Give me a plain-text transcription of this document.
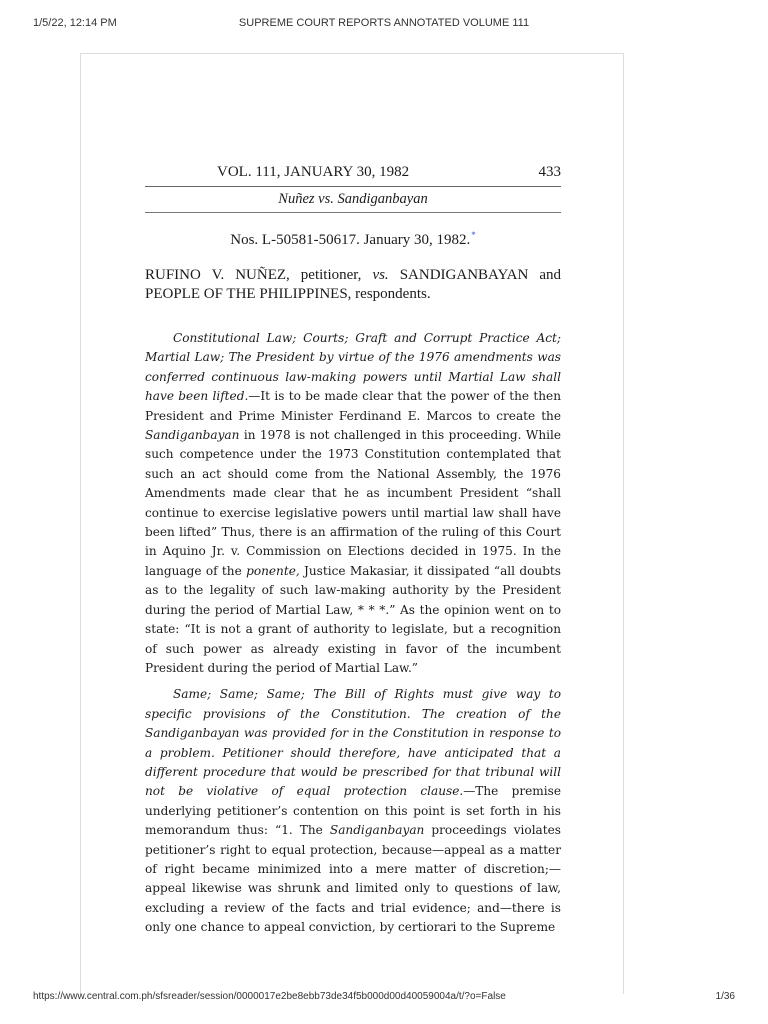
1/5/22, 12:14 PM	SUPREME COURT REPORTS ANNOTATED VOLUME 111
VOL. 111, JANUARY 30, 1982	433
Nuñez vs. Sandiganbayan
Nos. L-50581-50617. January 30, 1982.*
RUFINO V. NUÑEZ, petitioner, vs. SANDIGANBAYAN and PEOPLE OF THE PHILIPPINES, respondents.

Constitutional Law; Courts; Graft and Corrupt Practice Act; Martial Law; The President by virtue of the 1976 amendments was conferred continuous law-making powers until Martial Law shall have been lifted.—It is to be made clear that the power of the then President and Prime Minister Ferdinand E. Marcos to create the Sandiganbayan in 1978 is not challenged in this proceeding. While such competence under the 1973 Constitution contemplated that such an act should come from the National Assembly, the 1976 Amendments made clear that he as incumbent President “shall continue to exercise legislative powers until martial law shall have been lifted” Thus, there is an affirmation of the ruling of this Court in Aquino Jr. v. Commission on Elections decided in 1975. In the language of the ponente, Justice Makasiar, it dissipated “all doubts as to the legality of such law-making authority by the President during the period of Martial Law, * * *.” As the opinion went on to state: “It is not a grant of authority to legislate, but a recognition of such power as already existing in favor of the incumbent President during the period of Martial Law.”

Same; Same; Same; The Bill of Rights must give way to specific provisions of the Constitution. The creation of the Sandiganbayan was provided for in the Constitution in response to a problem. Petitioner should therefore, have anticipated that a different procedure that would be prescribed for that tribunal will not be violative of equal protection clause.—The premise underlying petitioner’s contention on this point is set forth in his memorandum thus: “1. The Sandiganbayan proceedings violates petitioner’s right to equal protection, because—appeal as a matter of right became minimized into a mere matter of discretion;—appeal likewise was shrunk and limited only to questions of law, excluding a review of the facts and trial evidence; and—there is only one chance to appeal conviction, by certiorari to the Supreme

https://www.central.com.ph/sfsreader/session/0000017e2be8ebb73de34f5b000d00d40059004a/t/?o=False	1/36
